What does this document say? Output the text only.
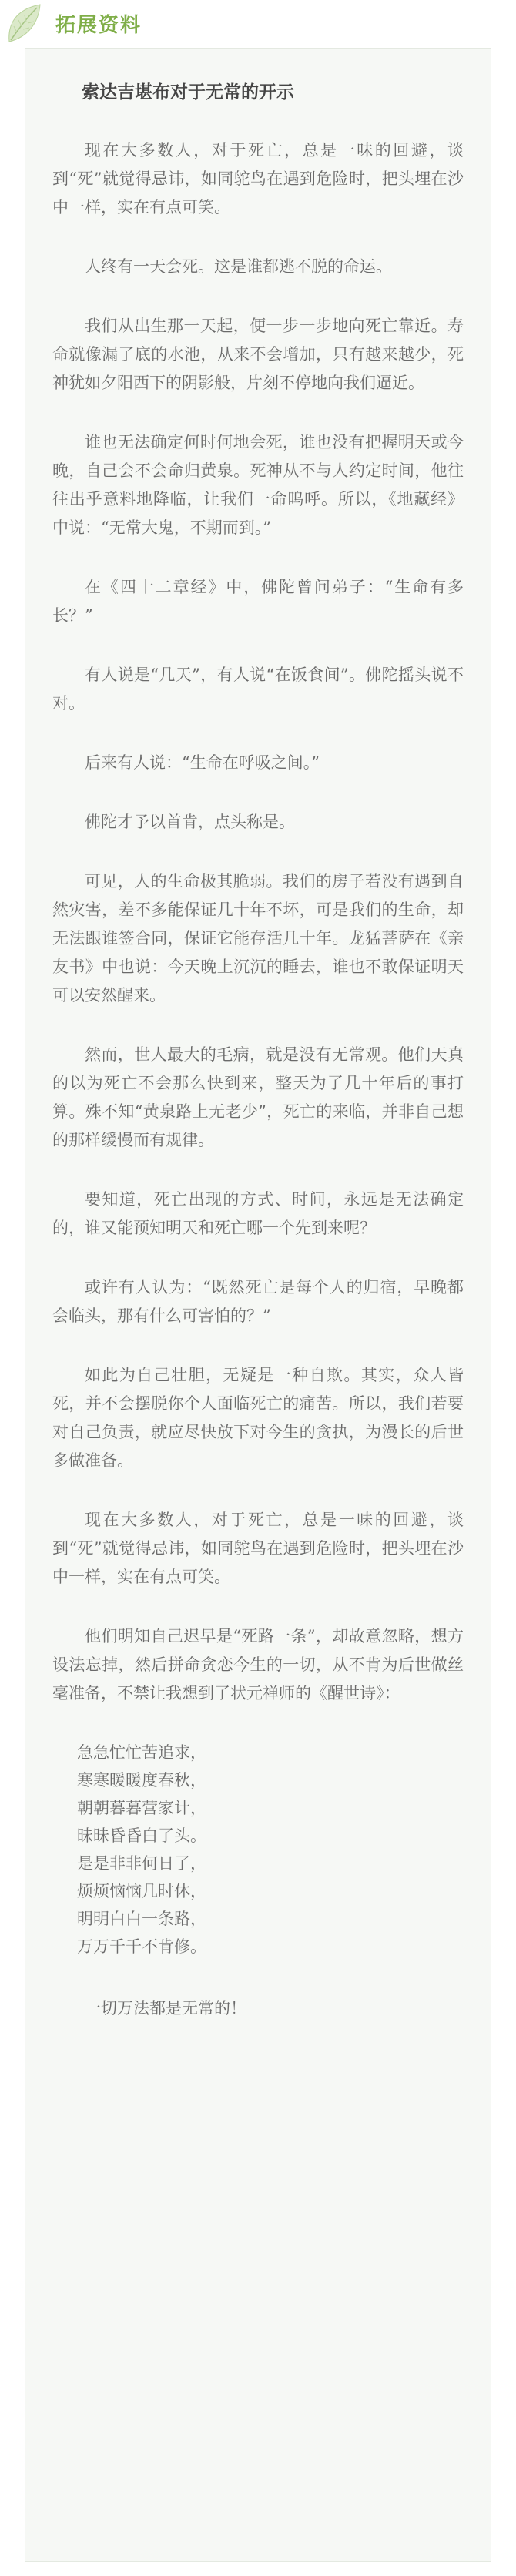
拓展资料
索达吉堪布对于无常的开示

现在大多数人，对于死亡，总是一味的回避，谈到“死”就觉得忌讳，如同鸵鸟在遇到危险时，把头埋在沙中一样，实在有点可笑。

人终有一天会死。这是谁都逃不脱的命运。

我们从出生那一天起，便一步一步地向死亡靠近。寿命就像漏了底的水池，从来不会增加，只有越来越少，死神犹如夕阳西下的阴影般，片刻不停地向我们逼近。

谁也无法确定何时何地会死，谁也没有把握明天或今晚，自己会不会命归黄泉。死神从不与人约定时间，他往往出乎意料地降临，让我们一命呜呼。所以，《地藏经》中说：“无常大鬼，不期而到。”

在《四十二章经》中，佛陀曾问弟子：“生命有多长？”

有人说是“几天”，有人说“在饭食间”。佛陀摇头说不对。

后来有人说：“生命在呼吸之间。”

佛陀才予以首肯，点头称是。

可见，人的生命极其脆弱。我们的房子若没有遇到自然灾害，差不多能保证几十年不坏，可是我们的生命，却无法跟谁签合同，保证它能存活几十年。龙猛菩萨在《亲友书》中也说：今天晚上沉沉的睡去，谁也不敢保证明天可以安然醒来。

然而，世人最大的毛病，就是没有无常观。他们天真的以为死亡不会那么快到来，整天为了几十年后的事打算。殊不知“黄泉路上无老少”，死亡的来临，并非自己想的那样缓慢而有规律。

要知道，死亡出现的方式、时间，永远是无法确定的，谁又能预知明天和死亡哪一个先到来呢？

或许有人认为：“既然死亡是每个人的归宿，早晚都会临头，那有什么可害怕的？”

如此为自己壮胆，无疑是一种自欺。其实，众人皆死，并不会摆脱你个人面临死亡的痛苦。所以，我们若要对自己负责，就应尽快放下对今生的贪执，为漫长的后世多做准备。

现在大多数人，对于死亡，总是一味的回避，谈到“死”就觉得忌讳，如同鸵鸟在遇到危险时，把头埋在沙中一样，实在有点可笑。

他们明知自己迟早是“死路一条”，却故意忽略，想方设法忘掉，然后拼命贪恋今生的一切，从不肯为后世做丝毫准备，不禁让我想到了状元禅师的《醒世诗》：

急急忙忙苦追求，
寒寒暖暖度春秋，
朝朝暮暮营家计，
昧昧昏昏白了头。
是是非非何日了，
烦烦恼恼几时休，
明明白白一条路，
万万千千不肯修。

一切万法都是无常的！
